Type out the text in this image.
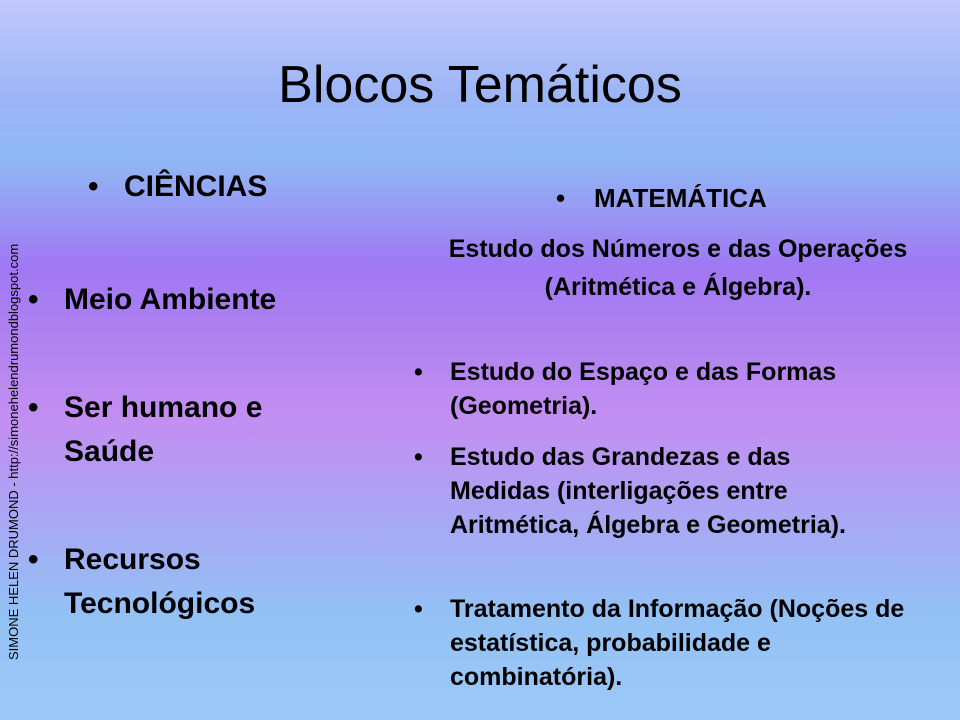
SIMONE HELEN DRUMOND - http://simonehelendrumondblogspot.com
Blocos Temáticos
• CIÊNCIAS
• Meio Ambiente
• Ser humano e Saúde
• Recursos Tecnológicos
•	MATEMÁTICA
Estudo dos Números e das Operações (Aritmética e Álgebra).
•	Estudo do Espaço e das Formas (Geometria).
•	Estudo das Grandezas e das Medidas (interligações entre Aritmética, Álgebra e Geometria).
•	Tratamento da Informação (Noções de estatística, probabilidade e combinatória).
